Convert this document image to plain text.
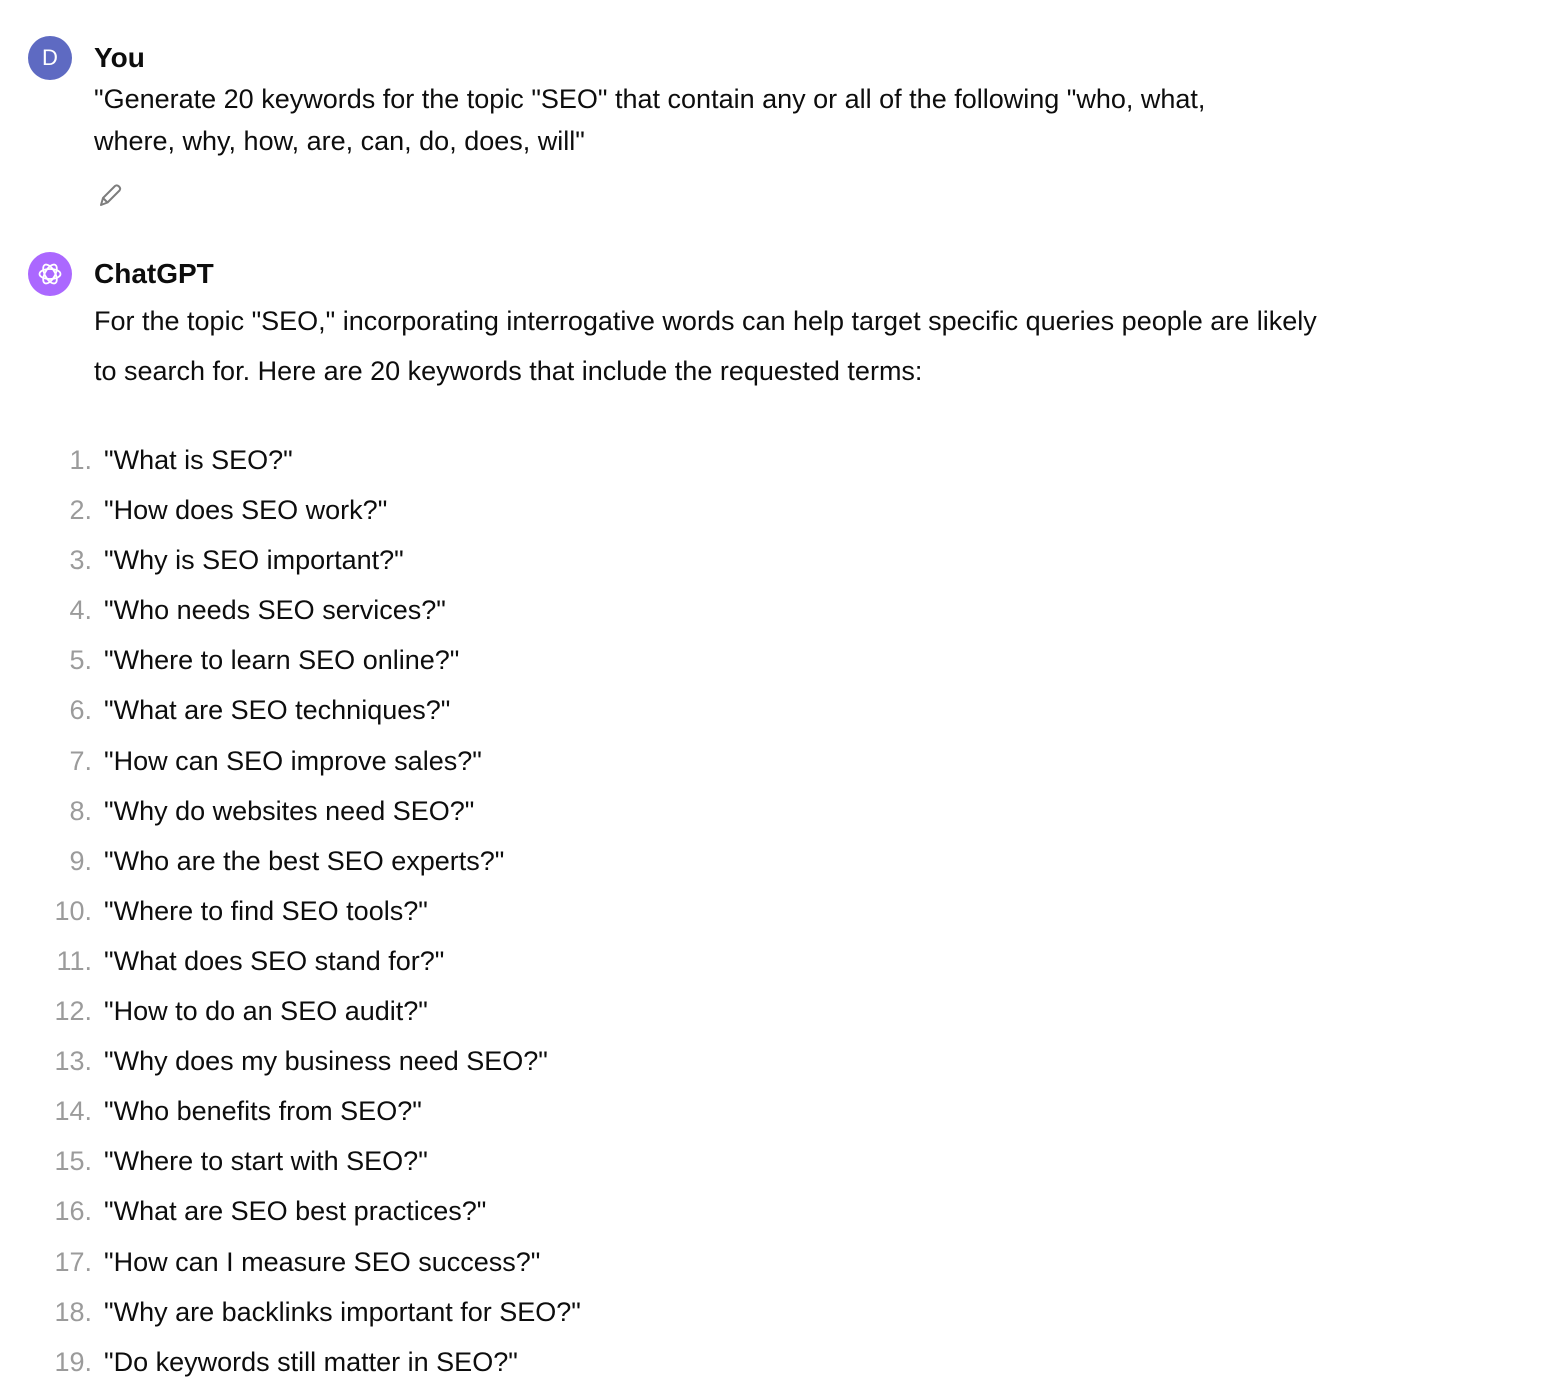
D You

"Generate 20 keywords for the topic "SEO" that contain any or all of the following "who, what, where, why, how, are, can, do, does, will"

ChatGPT

For the topic "SEO," incorporating interrogative words can help target specific queries people are likely to search for. Here are 20 keywords that include the requested terms:

1. "What is SEO?"
2. "How does SEO work?"
3. "Why is SEO important?"
4. "Who needs SEO services?"
5. "Where to learn SEO online?"
6. "What are SEO techniques?"
7. "How can SEO improve sales?"
8. "Why do websites need SEO?"
9. "Who are the best SEO experts?"
10. "Where to find SEO tools?"
11. "What does SEO stand for?"
12. "How to do an SEO audit?"
13. "Why does my business need SEO?"
14. "Who benefits from SEO?"
15. "Where to start with SEO?"
16. "What are SEO best practices?"
17. "How can I measure SEO success?"
18. "Why are backlinks important for SEO?"
19. "Do keywords still matter in SEO?"
